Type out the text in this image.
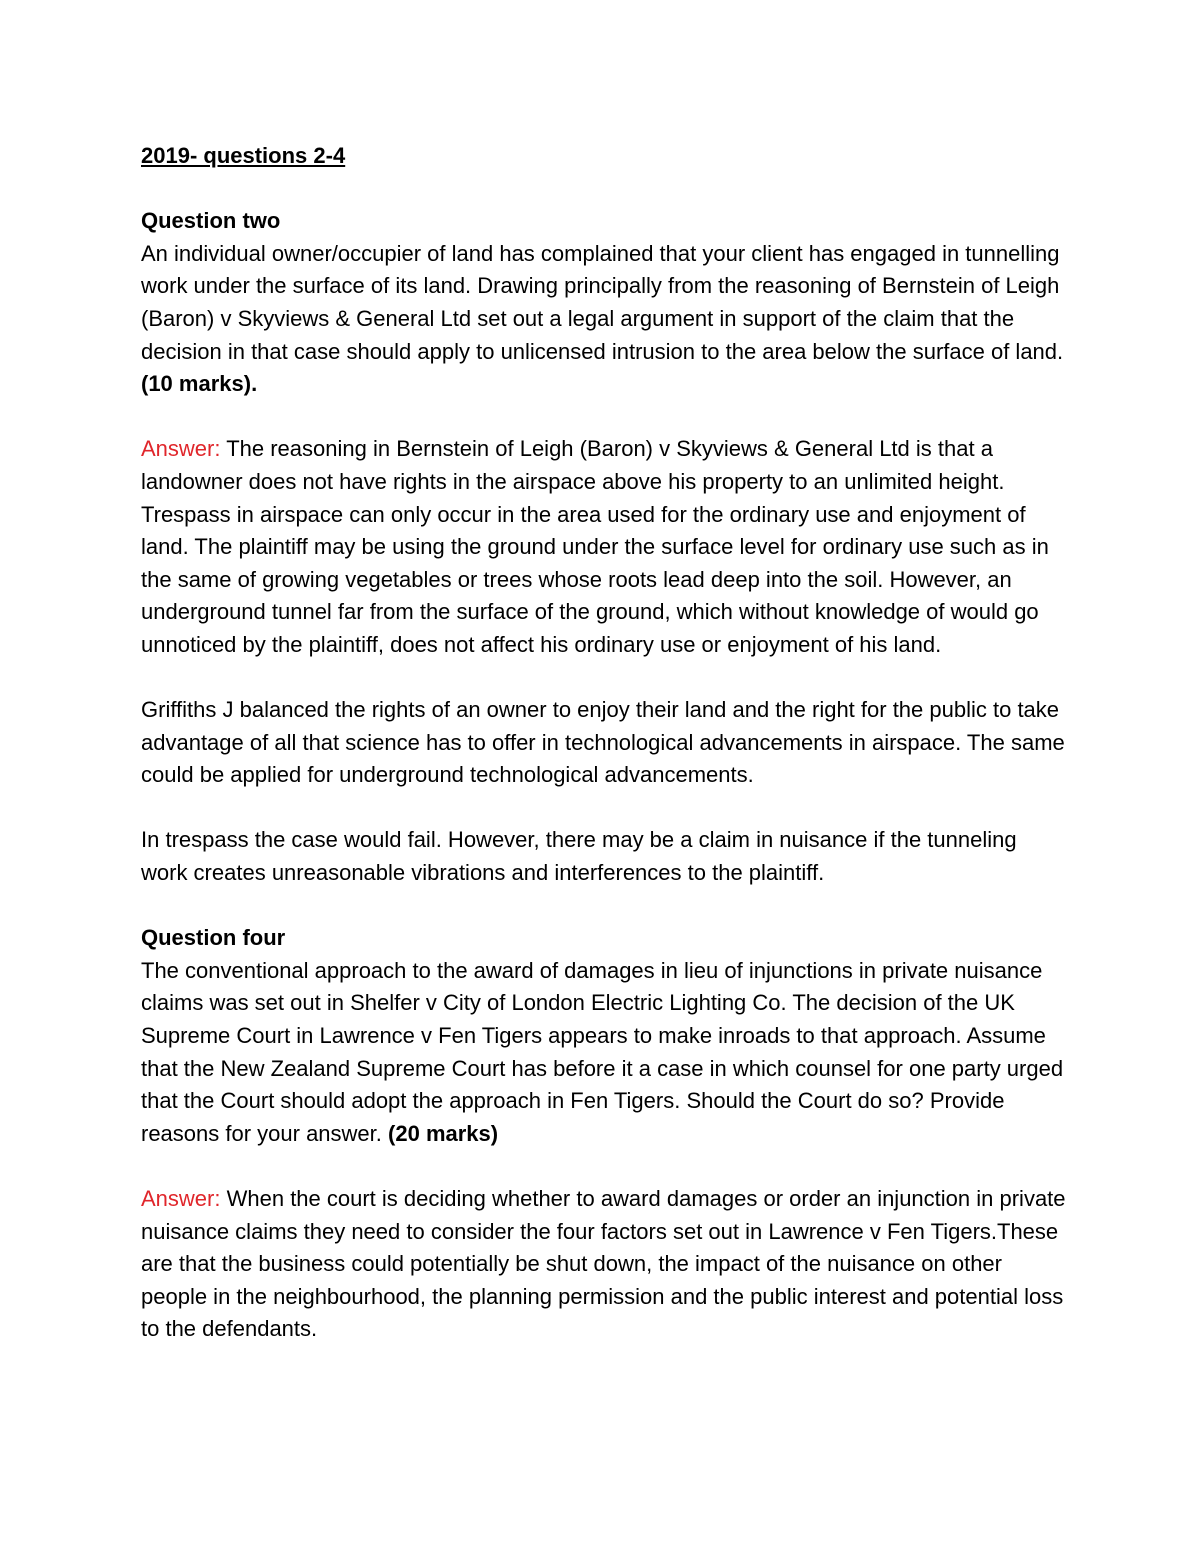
2019- questions 2-4

Question two

An individual owner/occupier of land has complained that your client has engaged in tunnelling work under the surface of its land. Drawing principally from the reasoning of Bernstein of Leigh (Baron) v Skyviews & General Ltd set out a legal argument in support of the claim that the decision in that case should apply to unlicensed intrusion to the area below the surface of land. (10 marks).

Answer: The reasoning in Bernstein of Leigh (Baron) v Skyviews & General Ltd is that a landowner does not have rights in the airspace above his property to an unlimited height. Trespass in airspace can only occur in the area used for the ordinary use and enjoyment of land. The plaintiff may be using the ground under the surface level for ordinary use such as in the same of growing vegetables or trees whose roots lead deep into the soil. However, an underground tunnel far from the surface of the ground, which without knowledge of would go unnoticed by the plaintiff, does not affect his ordinary use or enjoyment of his land.

Griffiths J balanced the rights of an owner to enjoy their land and the right for the public to take advantage of all that science has to offer in technological advancements in airspace. The same could be applied for underground technological advancements.

In trespass the case would fail. However, there may be a claim in nuisance if the tunneling work creates unreasonable vibrations and interferences to the plaintiff.

Question four

The conventional approach to the award of damages in lieu of injunctions in private nuisance claims was set out in Shelfer v City of London Electric Lighting Co. The decision of the UK Supreme Court in Lawrence v Fen Tigers appears to make inroads to that approach. Assume that the New Zealand Supreme Court has before it a case in which counsel for one party urged that the Court should adopt the approach in Fen Tigers. Should the Court do so? Provide reasons for your answer. (20 marks)

Answer: When the court is deciding whether to award damages or order an injunction in private nuisance claims they need to consider the four factors set out in Lawrence v Fen Tigers.These are that the business could potentially be shut down, the impact of the nuisance on other people in the neighbourhood, the planning permission and the public interest and potential loss to the defendants.
